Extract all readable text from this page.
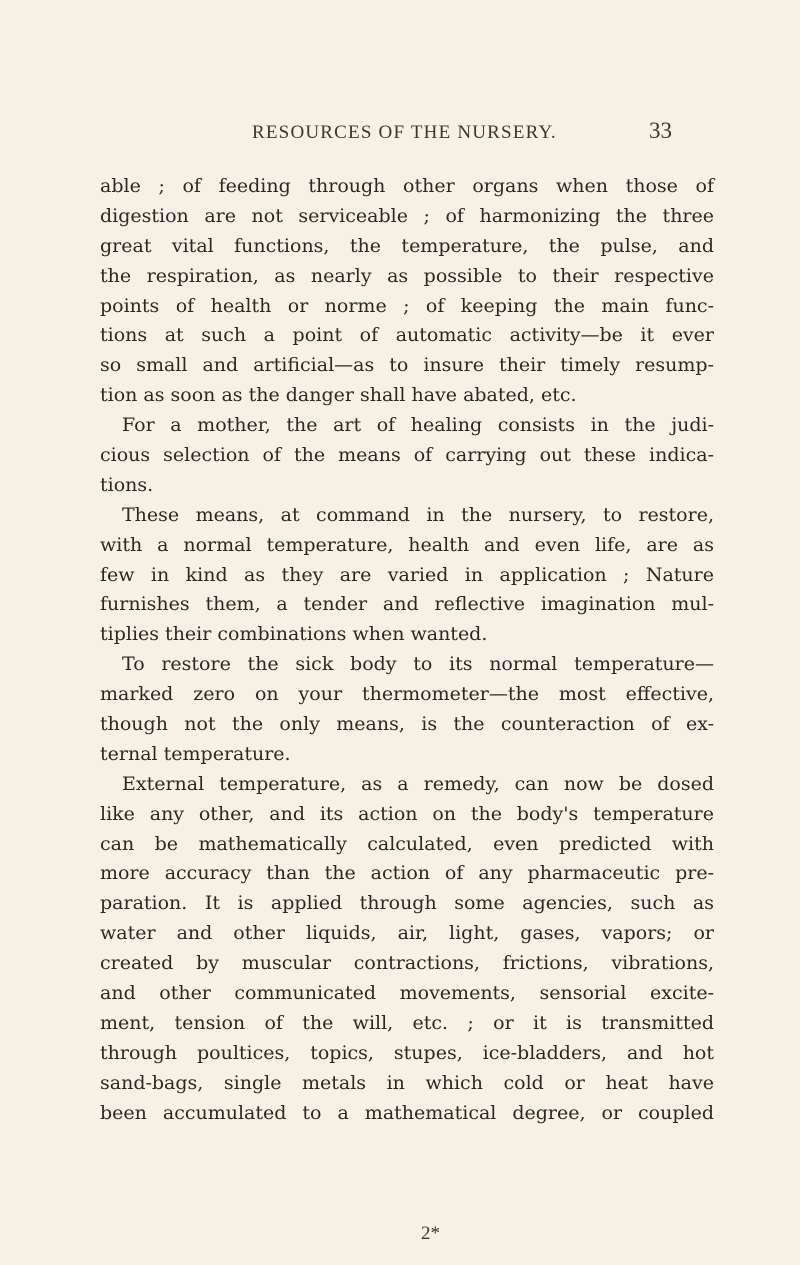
RESOURCES OF THE NURSERY.	33
able ; of feeding through other organs when those of
digestion are not serviceable ; of harmonizing the three
great vital functions, the temperature, the pulse, and
the respiration, as nearly as possible to their respective
points of health or norme ; of keeping the main func-
tions at such a point of automatic activity—be it ever
so small and artificial—as to insure their timely resump-
tion as soon as the danger shall have abated, etc.
For a mother, the art of healing consists in the judi-
cious selection of the means of carrying out these indica-
tions.
These means, at command in the nursery, to restore,
with a normal temperature, health and even life, are as
few in kind as they are varied in application ; Nature
furnishes them, a tender and reflective imagination mul-
tiplies their combinations when wanted.
To restore the sick body to its normal temperature—
marked zero on your thermometer—the most effective,
though not the only means, is the counteraction of ex-
ternal temperature.
External temperature, as a remedy, can now be dosed
like any other, and its action on the body's temperature
can be mathematically calculated, even predicted with
more accuracy than the action of any pharmaceutic pre-
paration. It is applied through some agencies, such as
water and other liquids, air, light, gases, vapors; or
created by muscular contractions, frictions, vibrations,
and other communicated movements, sensorial excite-
ment, tension of the will, etc. ; or it is transmitted
through poultices, topics, stupes, ice-bladders, and hot
sand-bags, single metals in which cold or heat have
been accumulated to a mathematical degree, or coupled
2*
